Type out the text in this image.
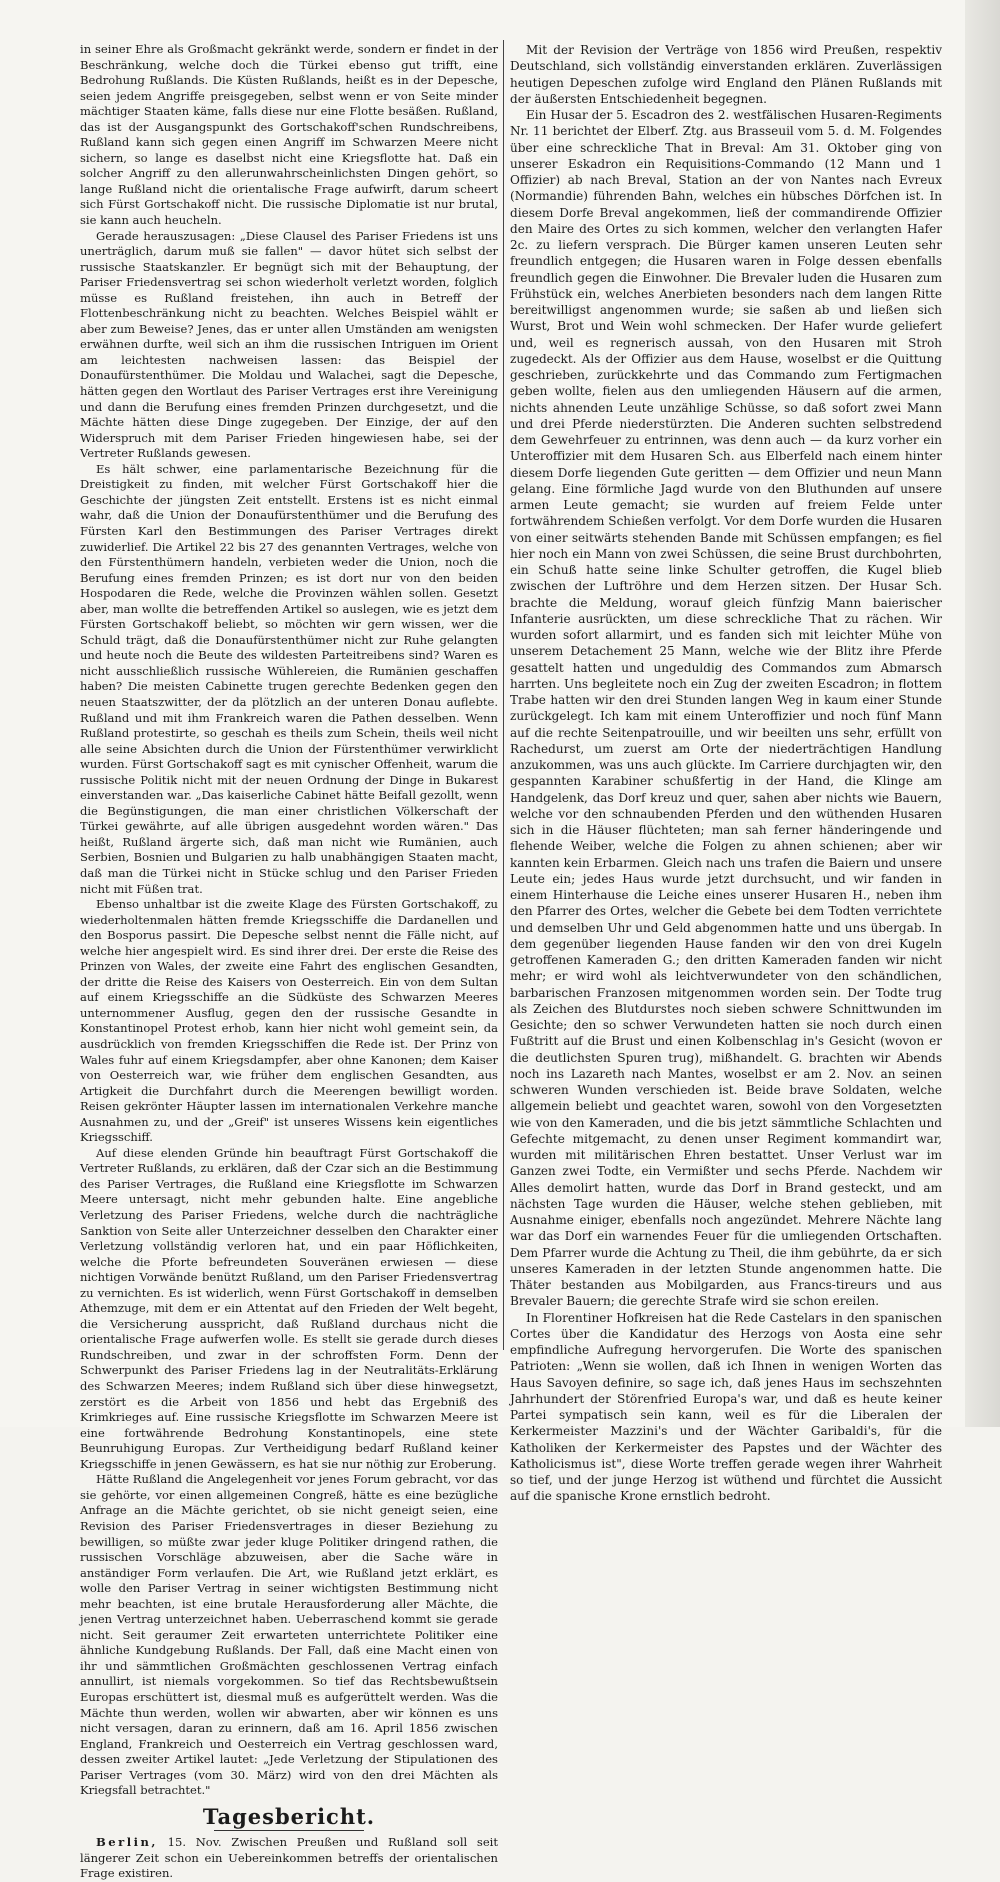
in seiner Ehre als Großmacht gekränkt werde, sondern er findet in der Beschränkung, welche doch die Türkei ebenso gut trifft, eine Bedrohung Rußlands. Die Küsten Rußlands, heißt es in der Depesche, seien jedem Angriffe preisgegeben, selbst wenn er von Seite minder mächtiger Staaten käme, falls diese nur eine Flotte besäßen. Rußland, das ist der Ausgangspunkt des Gortschakoff'schen Rundschreibens, Rußland kann sich gegen einen Angriff im Schwarzen Meere nicht sichern, so lange es daselbst nicht eine Kriegsflotte hat. Daß ein solcher Angriff zu den allerunwahrscheinlichsten Dingen gehört, so lange Rußland nicht die orientalische Frage aufwirft, darum scheert sich Fürst Gortschakoff nicht. Die russische Diplomatie ist nur brutal, sie kann auch heucheln.

Gerade herauszusagen: „Diese Clausel des Pariser Friedens ist uns unerträglich, darum muß sie fallen" — davor hütet sich selbst der russische Staatskanzler. Er begnügt sich mit der Behauptung, der Pariser Friedensvertrag sei schon wiederholt verletzt worden, folglich müsse es Rußland freistehen, ihn auch in Betreff der Flottenbeschränkung nicht zu beachten. Welches Beispiel wählt er aber zum Beweise? Jenes, das er unter allen Umständen am wenigsten erwähnen durfte, weil sich an ihm die russischen Intriguen im Orient am leichtesten nachweisen lassen: das Beispiel der Donaufürstenthümer. Die Moldau und Walachei, sagt die Depesche, hätten gegen den Wortlaut des Pariser Vertrages erst ihre Vereinigung und dann die Berufung eines fremden Prinzen durchgesetzt, und die Mächte hätten diese Dinge zugegeben. Der Einzige, der auf den Widerspruch mit dem Pariser Frieden hingewiesen habe, sei der Vertreter Rußlands gewesen.

Es hält schwer, eine parlamentarische Bezeichnung für die Dreistigkeit zu finden, mit welcher Fürst Gortschakoff hier die Geschichte der jüngsten Zeit entstellt. Erstens ist es nicht einmal wahr, daß die Union der Donaufürstenthümer und die Berufung des Fürsten Karl den Bestimmungen des Pariser Vertrages direkt zuwiderlief. Die Artikel 22 bis 27 des genannten Vertrages, welche von den Fürstenthümern handeln, verbieten weder die Union, noch die Berufung eines fremden Prinzen; es ist dort nur von den beiden Hospodaren die Rede, welche die Provinzen wählen sollen. Gesetzt aber, man wollte die betreffenden Artikel so auslegen, wie es jetzt dem Fürsten Gortschakoff beliebt, so möchten wir gern wissen, wer die Schuld trägt, daß die Donaufürstenthümer nicht zur Ruhe gelangten und heute noch die Beute des wildesten Parteitreibens sind? Waren es nicht ausschließlich russische Wühlereien, die Rumänien geschaffen haben? Die meisten Cabinette trugen gerechte Bedenken gegen den neuen Staatszwitter, der da plötzlich an der unteren Donau auflebte. Rußland und mit ihm Frankreich waren die Pathen desselben. Wenn Rußland protestirte, so geschah es theils zum Schein, theils weil nicht alle seine Absichten durch die Union der Fürstenthümer verwirklicht wurden. Fürst Gortschakoff sagt es mit cynischer Offenheit, warum die russische Politik nicht mit der neuen Ordnung der Dinge in Bukarest einverstanden war. „Das kaiserliche Cabinet hätte Beifall gezollt, wenn die Begünstigungen, die man einer christlichen Völkerschaft der Türkei gewährte, auf alle übrigen ausgedehnt worden wären." Das heißt, Rußland ärgerte sich, daß man nicht wie Rumänien, auch Serbien, Bosnien und Bulgarien zu halb unabhängigen Staaten macht, daß man die Türkei nicht in Stücke schlug und den Pariser Frieden nicht mit Füßen trat.

Ebenso unhaltbar ist die zweite Klage des Fürsten Gortschakoff, zu wiederholtenmalen hätten fremde Kriegsschiffe die Dardanellen und den Bosporus passirt. Die Depesche selbst nennt die Fälle nicht, auf welche hier angespielt wird. Es sind ihrer drei. Der erste die Reise des Prinzen von Wales, der zweite eine Fahrt des englischen Gesandten, der dritte die Reise des Kaisers von Oesterreich. Ein von dem Sultan auf einem Kriegsschiffe an die Südküste des Schwarzen Meeres unternommener Ausflug, gegen den der russische Gesandte in Konstantinopel Protest erhob, kann hier nicht wohl gemeint sein, da ausdrücklich von fremden Kriegsschiffen die Rede ist. Der Prinz von Wales fuhr auf einem Kriegsdampfer, aber ohne Kanonen; dem Kaiser von Oesterreich war, wie früher dem englischen Gesandten, aus Artigkeit die Durchfahrt durch die Meerengen bewilligt worden. Reisen gekrönter Häupter lassen im internationalen Verkehre manche Ausnahmen zu, und der „Greif" ist unseres Wissens kein eigentliches Kriegsschiff.

Auf diese elenden Gründe hin beauftragt Fürst Gortschakoff die Vertreter Rußlands, zu erklären, daß der Czar sich an die Bestimmung des Pariser Vertrages, die Rußland eine Kriegsflotte im Schwarzen Meere untersagt, nicht mehr gebunden halte. Eine angebliche Verletzung des Pariser Friedens, welche durch die nachträgliche Sanktion von Seite aller Unterzeichner desselben den Charakter einer Verletzung vollständig verloren hat, und ein paar Höflichkeiten, welche die Pforte befreundeten Souveränen erwiesen — diese nichtigen Vorwände benützt Rußland, um den Pariser Friedensvertrag zu vernichten. Es ist widerlich, wenn Fürst Gortschakoff in demselben Athemzuge, mit dem er ein Attentat auf den Frieden der Welt begeht, die Versicherung ausspricht, daß Rußland durchaus nicht die orientalische Frage aufwerfen wolle. Es stellt sie gerade durch dieses Rundschreiben, und zwar in der schroffsten Form. Denn der Schwerpunkt des Pariser Friedens lag in der Neutralitäts-Erklärung des Schwarzen Meeres; indem Rußland sich über diese hinwegsetzt, zerstört es die Arbeit von 1856 und hebt das Ergebniß des Krimkrieges auf. Eine russische Kriegsflotte im Schwarzen Meere ist eine fortwährende Bedrohung Konstantinopels, eine stete Beunruhigung Europas. Zur Vertheidigung bedarf Rußland keiner Kriegsschiffe in jenen Gewässern, es hat sie nur nöthig zur Eroberung.

Hätte Rußland die Angelegenheit vor jenes Forum gebracht, vor das sie gehörte, vor einen allgemeinen Congreß, hätte es eine bezügliche Anfrage an die Mächte gerichtet, ob sie nicht geneigt seien, eine Revision des Pariser Friedensvertrages in dieser Beziehung zu bewilligen, so müßte zwar jeder kluge Politiker dringend rathen, die russischen Vorschläge abzuweisen, aber die Sache wäre in anständiger Form verlaufen. Die Art, wie Rußland jetzt erklärt, es wolle den Pariser Vertrag in seiner wichtigsten Bestimmung nicht mehr beachten, ist eine brutale Herausforderung aller Mächte, die jenen Vertrag unterzeichnet haben. Ueberraschend kommt sie gerade nicht. Seit geraumer Zeit erwarteten unterrichtete Politiker eine ähnliche Kundgebung Rußlands. Der Fall, daß eine Macht einen von ihr und sämmtlichen Großmächten geschlossenen Vertrag einfach annullirt, ist niemals vorgekommen. So tief das Rechtsbewußtsein Europas erschüttert ist, diesmal muß es aufgerüttelt werden. Was die Mächte thun werden, wollen wir abwarten, aber wir können es uns nicht versagen, daran zu erinnern, daß am 16. April 1856 zwischen England, Frankreich und Oesterreich ein Vertrag geschlossen ward, dessen zweiter Artikel lautet: „Jede Verletzung der Stipulationen des Pariser Vertrages (vom 30. März) wird von den drei Mächten als Kriegsfall betrachtet."

Tagesbericht.

Berlin, 15. Nov. Zwischen Preußen und Rußland soll seit längerer Zeit schon ein Uebereinkommen betreffs der orientalischen Frage existiren.

Mit der Revision der Verträge von 1856 wird Preußen, respektiv Deutschland, sich vollständig einverstanden erklären. Zuverlässigen heutigen Depeschen zufolge wird England den Plänen Rußlands mit der äußersten Entschiedenheit begegnen.

Ein Husar der 5. Escadron des 2. westfälischen Husaren-Regiments Nr. 11 berichtet der Elberf. Ztg. aus Brasseuil vom 5. d. M. Folgendes über eine schreckliche That in Breval: Am 31. Oktober ging von unserer Eskadron ein Requisitions-Commando (12 Mann und 1 Offizier) ab nach Breval, Station an der von Nantes nach Evreux (Normandie) führenden Bahn, welches ein hübsches Dörfchen ist. In diesem Dorfe Breval angekommen, ließ der commandirende Offizier den Maire des Ortes zu sich kommen, welcher den verlangten Hafer 2c. zu liefern versprach. Die Bürger kamen unseren Leuten sehr freundlich entgegen; die Husaren waren in Folge dessen ebenfalls freundlich gegen die Einwohner. Die Brevaler luden die Husaren zum Frühstück ein, welches Anerbieten besonders nach dem langen Ritte bereitwilligst angenommen wurde; sie saßen ab und ließen sich Wurst, Brot und Wein wohl schmecken. Der Hafer wurde geliefert und, weil es regnerisch aussah, von den Husaren mit Stroh zugedeckt. Als der Offizier aus dem Hause, woselbst er die Quittung geschrieben, zurückkehrte und das Commando zum Fertigmachen geben wollte, fielen aus den umliegenden Häusern auf die armen, nichts ahnenden Leute unzählige Schüsse, so daß sofort zwei Mann und drei Pferde niederstürzten. Die Anderen suchten selbstredend dem Gewehrfeuer zu entrinnen, was denn auch — da kurz vorher ein Unteroffizier mit dem Husaren Sch. aus Elberfeld nach einem hinter diesem Dorfe liegenden Gute geritten — dem Offizier und neun Mann gelang. Eine förmliche Jagd wurde von den Bluthunden auf unsere armen Leute gemacht; sie wurden auf freiem Felde unter fortwährendem Schießen verfolgt. Vor dem Dorfe wurden die Husaren von einer seitwärts stehenden Bande mit Schüssen empfangen; es fiel hier noch ein Mann von zwei Schüssen, die seine Brust durchbohrten, ein Schuß hatte seine linke Schulter getroffen, die Kugel blieb zwischen der Luftröhre und dem Herzen sitzen. Der Husar Sch. brachte die Meldung, worauf gleich fünfzig Mann baierischer Infanterie ausrückten, um diese schreckliche That zu rächen. Wir wurden sofort allarmirt, und es fanden sich mit leichter Mühe von unserem Detachement 25 Mann, welche wie der Blitz ihre Pferde gesattelt hatten und ungeduldig des Commandos zum Abmarsch harrten. Uns begleitete noch ein Zug der zweiten Escadron; in flottem Trabe hatten wir den drei Stunden langen Weg in kaum einer Stunde zurückgelegt. Ich kam mit einem Unteroffizier und noch fünf Mann auf die rechte Seitenpatrouille, und wir beeilten uns sehr, erfüllt von Rachedurst, um zuerst am Orte der niederträchtigen Handlung anzukommen, was uns auch glückte. Im Carriere durchjagten wir, den gespannten Karabiner schußfertig in der Hand, die Klinge am Handgelenk, das Dorf kreuz und quer, sahen aber nichts wie Bauern, welche vor den schnaubenden Pferden und den wüthenden Husaren sich in die Häuser flüchteten; man sah ferner händeringende und flehende Weiber, welche die Folgen zu ahnen schienen; aber wir kannten kein Erbarmen. Gleich nach uns trafen die Baiern und unsere Leute ein; jedes Haus wurde jetzt durchsucht, und wir fanden in einem Hinterhause die Leiche eines unserer Husaren H., neben ihm den Pfarrer des Ortes, welcher die Gebete bei dem Todten verrichtete und demselben Uhr und Geld abgenommen hatte und uns übergab. In dem gegenüber liegenden Hause fanden wir den von drei Kugeln getroffenen Kameraden G.; den dritten Kameraden fanden wir nicht mehr; er wird wohl als leichtverwundeter von den schändlichen, barbarischen Franzosen mitgenommen worden sein. Der Todte trug als Zeichen des Blutdurstes noch sieben schwere Schnittwunden im Gesichte; den so schwer Verwundeten hatten sie noch durch einen Fußtritt auf die Brust und einen Kolbenschlag in's Gesicht (wovon er die deutlichsten Spuren trug), mißhandelt. G. brachten wir Abends noch ins Lazareth nach Mantes, woselbst er am 2. Nov. an seinen schweren Wunden verschieden ist. Beide brave Soldaten, welche allgemein beliebt und geachtet waren, sowohl von den Vorgesetzten wie von den Kameraden, und die bis jetzt sämmtliche Schlachten und Gefechte mitgemacht, zu denen unser Regiment kommandirt war, wurden mit militärischen Ehren bestattet. Unser Verlust war im Ganzen zwei Todte, ein Vermißter und sechs Pferde. Nachdem wir Alles demolirt hatten, wurde das Dorf in Brand gesteckt, und am nächsten Tage wurden die Häuser, welche stehen geblieben, mit Ausnahme einiger, ebenfalls noch angezündet. Mehrere Nächte lang war das Dorf ein warnendes Feuer für die umliegenden Ortschaften. Dem Pfarrer wurde die Achtung zu Theil, die ihm gebührte, da er sich unseres Kameraden in der letzten Stunde angenommen hatte. Die Thäter bestanden aus Mobilgarden, aus Francs-tireurs und aus Brevaler Bauern; die gerechte Strafe wird sie schon ereilen.

In Florentiner Hofkreisen hat die Rede Castelars in den spanischen Cortes über die Kandidatur des Herzogs von Aosta eine sehr empfindliche Aufregung hervorgerufen. Die Worte des spanischen Patrioten: „Wenn sie wollen, daß ich Ihnen in wenigen Worten das Haus Savoyen definire, so sage ich, daß jenes Haus im sechszehnten Jahrhundert der Störenfried Europa's war, und daß es heute keiner Partei sympatisch sein kann, weil es für die Liberalen der Kerkermeister Mazzini's und der Wächter Garibaldi's, für die Katholiken der Kerkermeister des Papstes und der Wächter des Katholicismus ist", diese Worte treffen gerade wegen ihrer Wahrheit so tief, und der junge Herzog ist wüthend und fürchtet die Aussicht auf die spanische Krone ernstlich bedroht.
